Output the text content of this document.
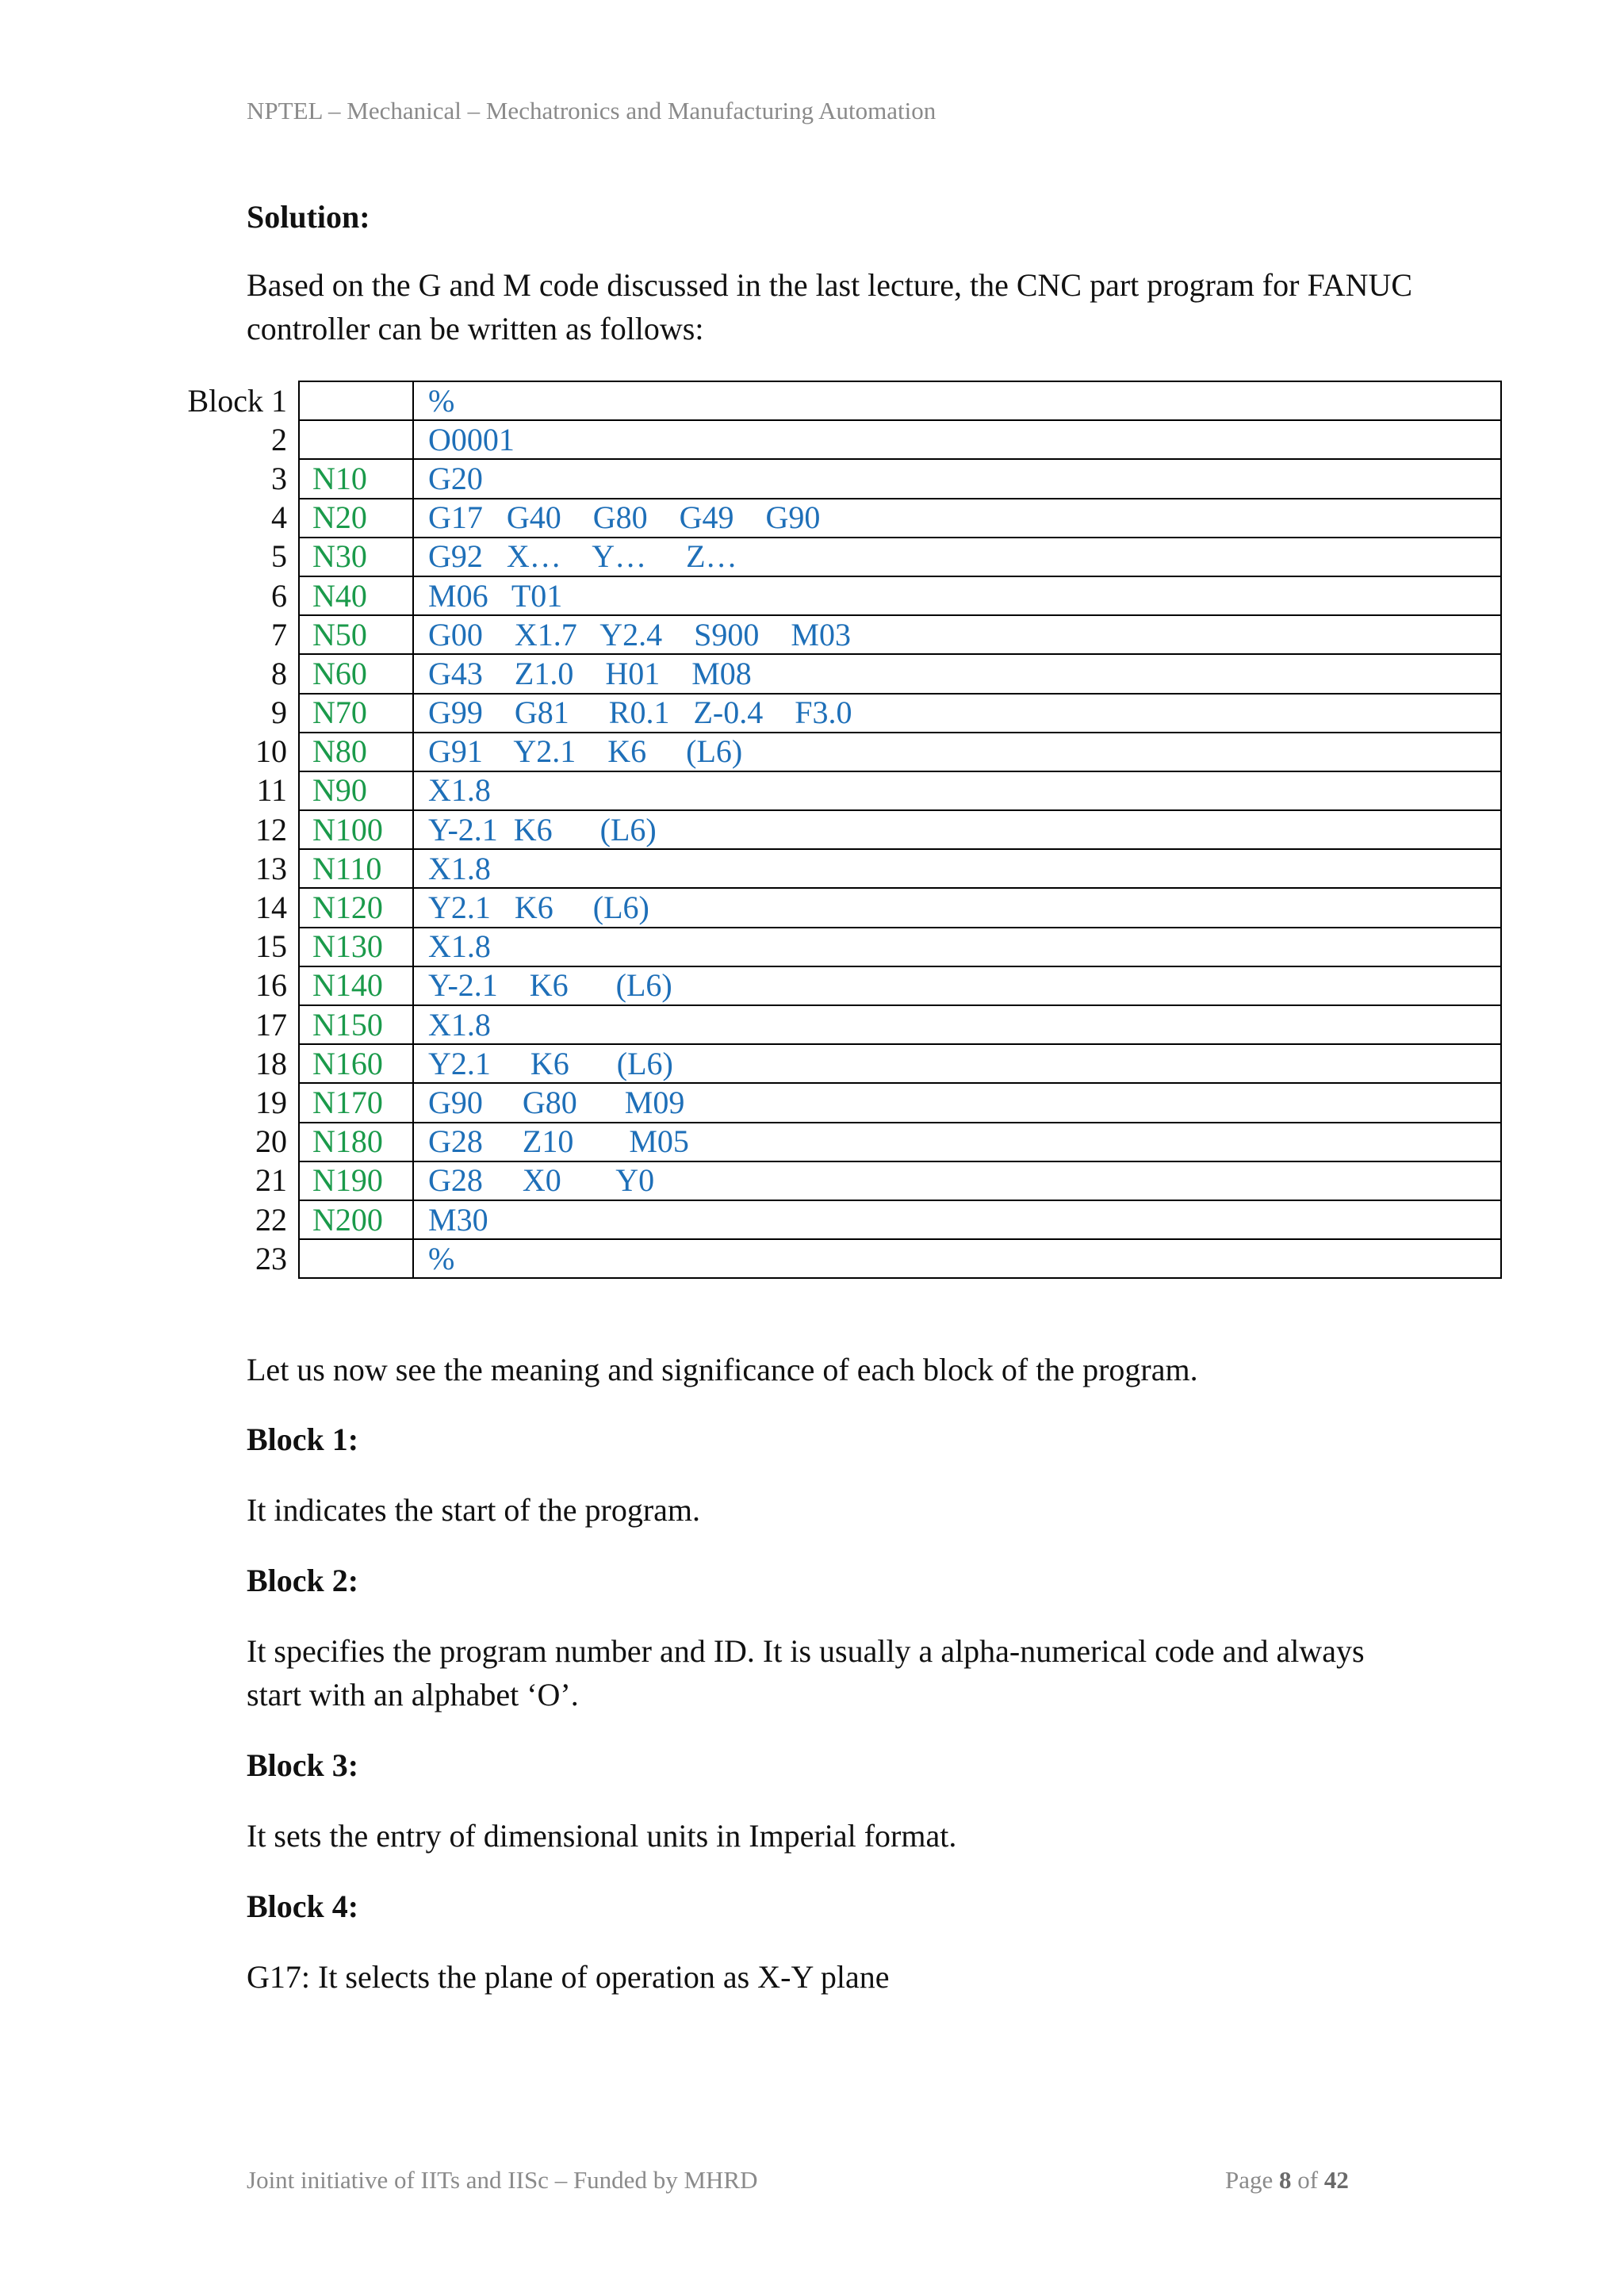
NPTEL – Mechanical – Mechatronics and Manufacturing Automation
Solution:
Based on the G and M code discussed in the last lecture, the CNC part program for FANUC controller can be written as follows:
Block 1		%
2		O0001
3	N10	G20
4	N20	G17   G40    G80    G49    G90
5	N30	G92   X…    Y…     Z…
6	N40	M06   T01
7	N50	G00    X1.7   Y2.4    S900    M03
8	N60	G43    Z1.0    H01    M08
9	N70	G99    G81     R0.1   Z-0.4    F3.0
10	N80	G91    Y2.1    K6     (L6)
11	N90	X1.8
12	N100	Y-2.1  K6      (L6)
13	N110	X1.8
14	N120	Y2.1   K6     (L6)
15	N130	X1.8
16	N140	Y-2.1    K6      (L6)
17	N150	X1.8
18	N160	Y2.1     K6      (L6)
19	N170	G90     G80      M09
20	N180	G28     Z10       M05
21	N190	G28     X0       Y0
22	N200	M30
23		%
Let us now see the meaning and significance of each block of the program.
Block 1:
It indicates the start of the program.
Block 2:
It specifies the program number and ID. It is usually a alpha-numerical code and always start with an alphabet ‘O’.
Block 3:
It sets the entry of dimensional units in Imperial format.
Block 4:
G17: It selects the plane of operation as X-Y plane
Joint initiative of IITs and IISc – Funded by MHRD	Page 8 of 42
